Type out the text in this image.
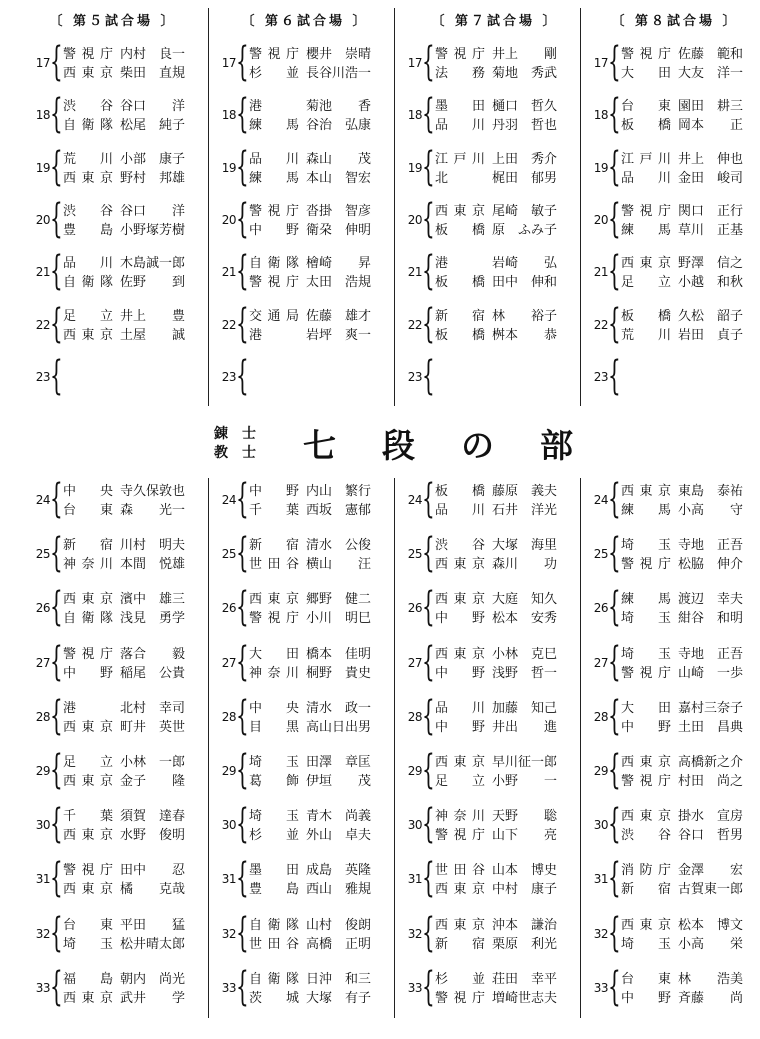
〔 第５試合場 〕	〔 第６試合場 〕	〔 第７試合場 〕	〔 第８試合場 〕
17 { 警視庁 内村　良一
西東京 柴田　直規
18 { 渋　谷 谷口　　洋
自衛隊 松尾　純子
19 { 荒　川 小部　康子
西東京 野村　邦雄
20 { 渋　谷 谷口　　洋
豊　島 小野塚芳樹
21 { 品　川 木島誠一郎
自衛隊 佐野　　到
22 { 足　立 井上　　豊
西東京 土屋　　誠
23 {
17 { 警視庁 櫻井　崇晴
杉　並 長谷川浩一
18 { 港	菊池　　香
練　馬 谷治　弘康
19 { 品　川 森山　　茂
練　馬 本山　智宏
20 { 警視庁 沓掛　智彦
中　野 衛朶　伸明
21 { 自衛隊 檜崎　　昇
警視庁 太田　浩規
22 { 交通局 佐藤　雄才
港	岩坪　爽一
23 {
17 { 警視庁 井上　　剛
法　務 菊地　秀武
18 { 墨　田 樋口　哲久
品　川 丹羽　哲也
19 { 江戸川 上田　秀介
北	梶田　郁男
20 { 西東京 尾崎　敏子
板　橋 原　ふみ子
21 { 港	岩崎　　弘
板　橋 田中　伸和
22 { 新　宿 林　　裕子
板　橋 桝本　　恭
23 {
17 { 警視庁 佐藤　範和
大　田 大友　洋一
18 { 台　東 園田　耕三
板　橋 岡本　　正
19 { 江戸川 井上　伸也
品　川 金田　峻司
20 { 警視庁 関口　正行
練　馬 草川　正基
21 { 西東京 野澤　信之
足　立 小越　和秋
22 { 板　橋 久松　韶子
荒　川 岩田　貞子
23 {
錬　士
教　士 七段の部
24 { 中　央 寺久保敦也
台　東 森　　光一
25 { 新　宿 川村　明夫
神奈川 本間　悦雄
26 { 西東京 濱中　雄三
自衛隊 浅見　勇学
27 { 警視庁 落合　　毅
中　野 稲尾　公貴
28 { 港	北村　幸司
西東京 町井　英世
29 { 足　立 小林　一郎
西東京 金子　　隆
30 { 千　葉 須賀　達春
西東京 水野　俊明
31 { 警視庁 田中　　忍
西東京 橘　　克哉
32 { 台　東 平田　　猛
埼　玉 松井晴太郎
33 { 福　島 朝内　尚光
西東京 武井　　学
24 { 中　野 内山　繁行
千　葉 西坂　憲郁
25 { 新　宿 清水　公俊
世田谷 横山　　汪
26 { 西東京 郷野　健二
警視庁 小川　明巳
27 { 大　田 橋本　佳明
神奈川 桐野　貴史
28 { 中　央 清水　政一
目　黒 高山日出男
29 { 埼　玉 田澤　章匡
葛　飾 伊垣　　茂
30 { 埼　玉 青木　尚義
杉　並 外山　卓夫
31 { 墨　田 成島　英隆
豊　島 西山　雅規
32 { 自衛隊 山村　俊朗
世田谷 高橋　正明
33 { 自衛隊 日沖　和三
茨　城 大塚　有子
24 { 板　橋 藤原　義夫
品　川 石井　洋光
25 { 渋　谷 大塚　海里
西東京 森川　　功
26 { 西東京 大庭　知久
中　野 松本　安秀
27 { 西東京 小林　克巳
中　野 浅野　哲一
28 { 品　川 加藤　知己
中　野 井出　　進
29 { 西東京 早川征一郎
足　立 小野　　一
30 { 神奈川 天野　　聡
警視庁 山下　　亮
31 { 世田谷 山本　博史
西東京 中村　康子
32 { 西東京 沖本　謙治
新　宿 栗原　利光
33 { 杉　並 荘田　幸平
警視庁 増崎世志夫
24 { 西東京 東島　泰祐
練　馬 小高　　守
25 { 埼　玉 寺地　正吾
警視庁 松脇　伸介
26 { 練　馬 渡辺　幸夫
埼　玉 紺谷　和明
27 { 埼　玉 寺地　正吾
警視庁 山崎　一歩
28 { 大　田 嘉村三奈子
中　野 土田　昌典
29 { 西東京 高橋新之介
警視庁 村田　尚之
30 { 西東京 掛水　宣房
渋　谷 谷口　哲男
31 { 消防庁 金澤　　宏
新　宿 古賀東一郎
32 { 西東京 松本　博文
埼　玉 小高　　栄
33 { 台　東 林　　浩美
中　野 斉藤　　尚
